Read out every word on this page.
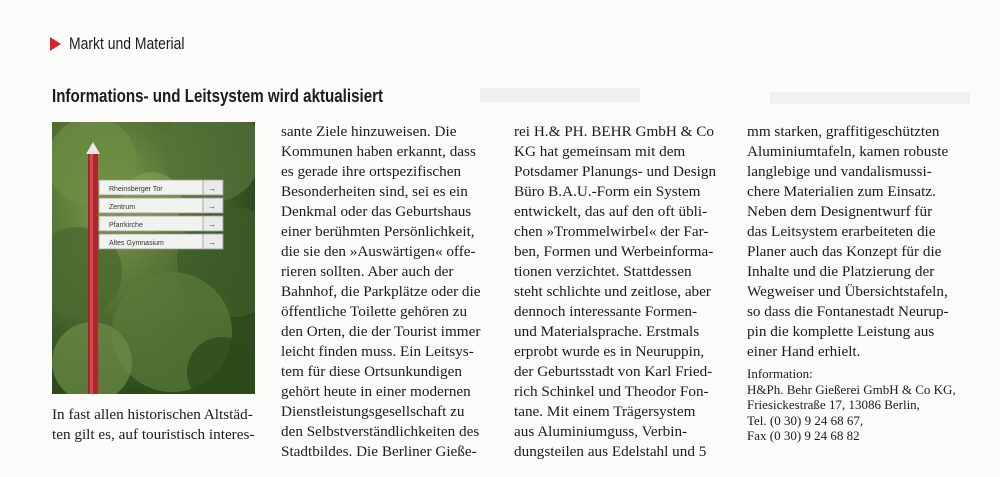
Markt und Material
Informations- und Leitsystem wird aktualisiert
Rheinsberger Tor	→
Zentrum	→
Pfarrkirche	→
Altes Gymnasium	→
In fast allen historischen Altstäd-
ten gilt es, auf touristisch interes-
sante Ziele hinzuweisen. Die
Kommunen haben erkannt, dass
es gerade ihre ortspezifischen
Besonderheiten sind, sei es ein
Denkmal oder das Geburtshaus
einer berühmten Persönlichkeit,
die sie den »Auswärtigen« offe-
rieren sollten. Aber auch der
Bahnhof, die Parkplätze oder die
öffentliche Toilette gehören zu
den Orten, die der Tourist immer
leicht finden muss. Ein Leitsys-
tem für diese Ortsunkundigen
gehört heute in einer modernen
Dienstleistungsgesellschaft zu
den Selbstverständlichkeiten des
Stadtbildes. Die Berliner Gieße-
rei H.& PH. BEHR GmbH & Co
KG hat gemeinsam mit dem
Potsdamer Planungs- und Design
Büro B.A.U.-Form ein System
entwickelt, das auf den oft übli-
chen »Trommelwirbel« der Far-
ben, Formen und Werbeinforma-
tionen verzichtet. Stattdessen
steht schlichte und zeitlose, aber
dennoch interessante Formen-
und Materialsprache. Erstmals
erprobt wurde es in Neuruppin,
der Geburtsstadt von Karl Fried-
rich Schinkel und Theodor Fon-
tane. Mit einem Trägersystem
aus Aluminiumguss, Verbin-
dungsteilen aus Edelstahl und 5
mm starken, graffitigeschützten
Aluminiumtafeln, kamen robuste
langlebige und vandalismussi-
chere Materialien zum Einsatz.
Neben dem Designentwurf für
das Leitsystem erarbeiteten die
Planer auch das Konzept für die
Inhalte und die Platzierung der
Wegweiser und Übersichtstafeln,
so dass die Fontanestadt Neurup-
pin die komplette Leistung aus
einer Hand erhielt.
Information:
H&Ph. Behr Gießerei GmbH & Co KG,
Friesickestraße 17, 13086 Berlin,
Tel. (0 30) 9 24 68 67,
Fax (0 30) 9 24 68 82
